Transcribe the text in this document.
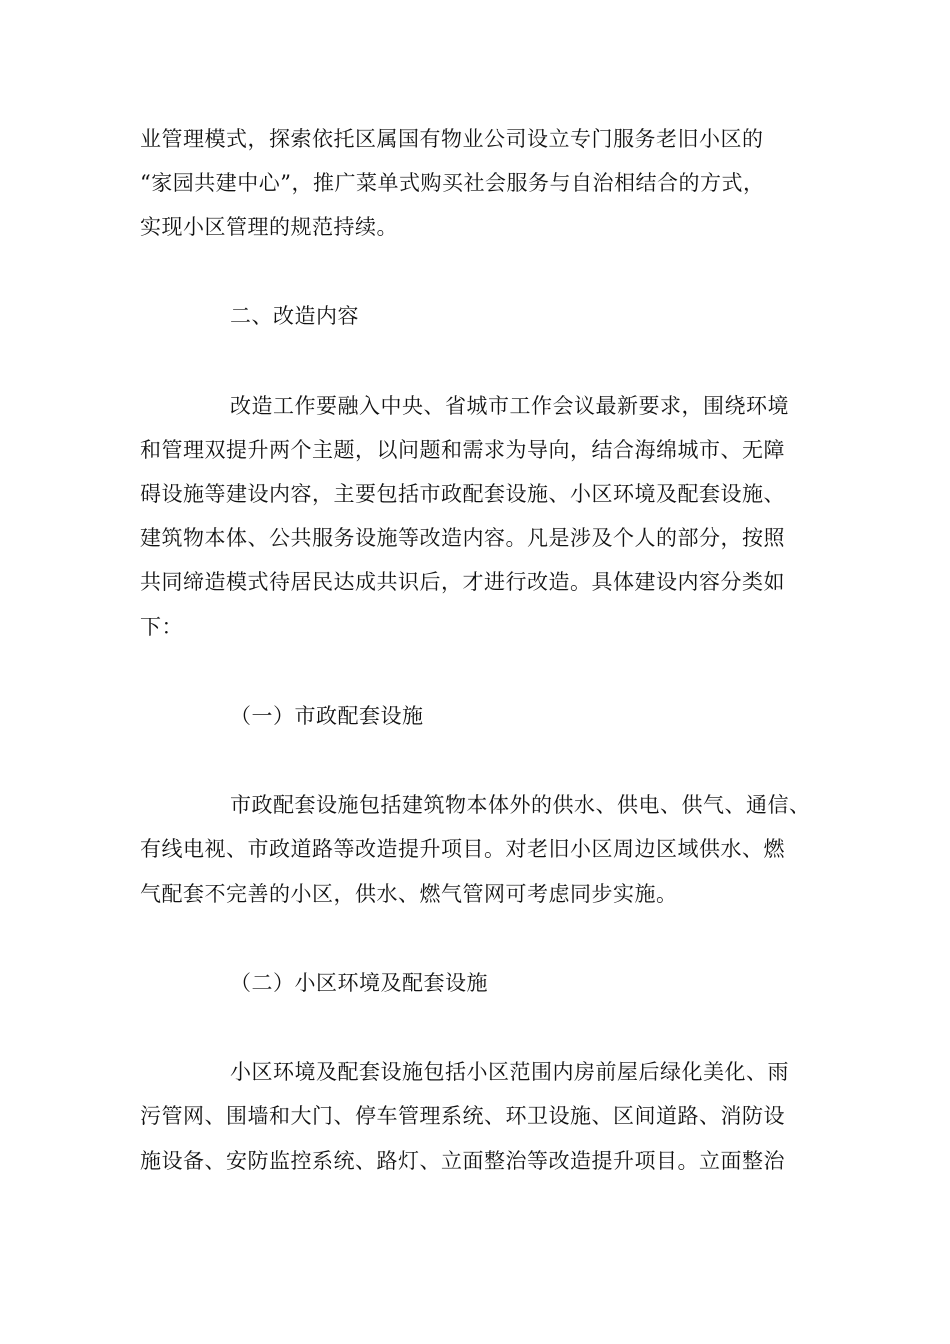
业管理模式，探索依托区属国有物业公司设立专门服务老旧小区的
“家园共建中心”，推广菜单式购买社会服务与自治相结合的方式，
实现小区管理的规范持续。
二、改造内容
改造工作要融入中央、省城市工作会议最新要求，围绕环境
和管理双提升两个主题，以问题和需求为导向，结合海绵城市、无障
碍设施等建设内容，主要包括市政配套设施、小区环境及配套设施、
建筑物本体、公共服务设施等改造内容。凡是涉及个人的部分，按照
共同缔造模式待居民达成共识后，才进行改造。具体建设内容分类如
下：
（一）市政配套设施
市政配套设施包括建筑物本体外的供水、供电、供气、通信、
有线电视、市政道路等改造提升项目。对老旧小区周边区域供水、燃
气配套不完善的小区，供水、燃气管网可考虑同步实施。
（二）小区环境及配套设施
小区环境及配套设施包括小区范围内房前屋后绿化美化、雨
污管网、围墙和大门、停车管理系统、环卫设施、区间道路、消防设
施设备、安防监控系统、路灯、立面整治等改造提升项目。立面整治
